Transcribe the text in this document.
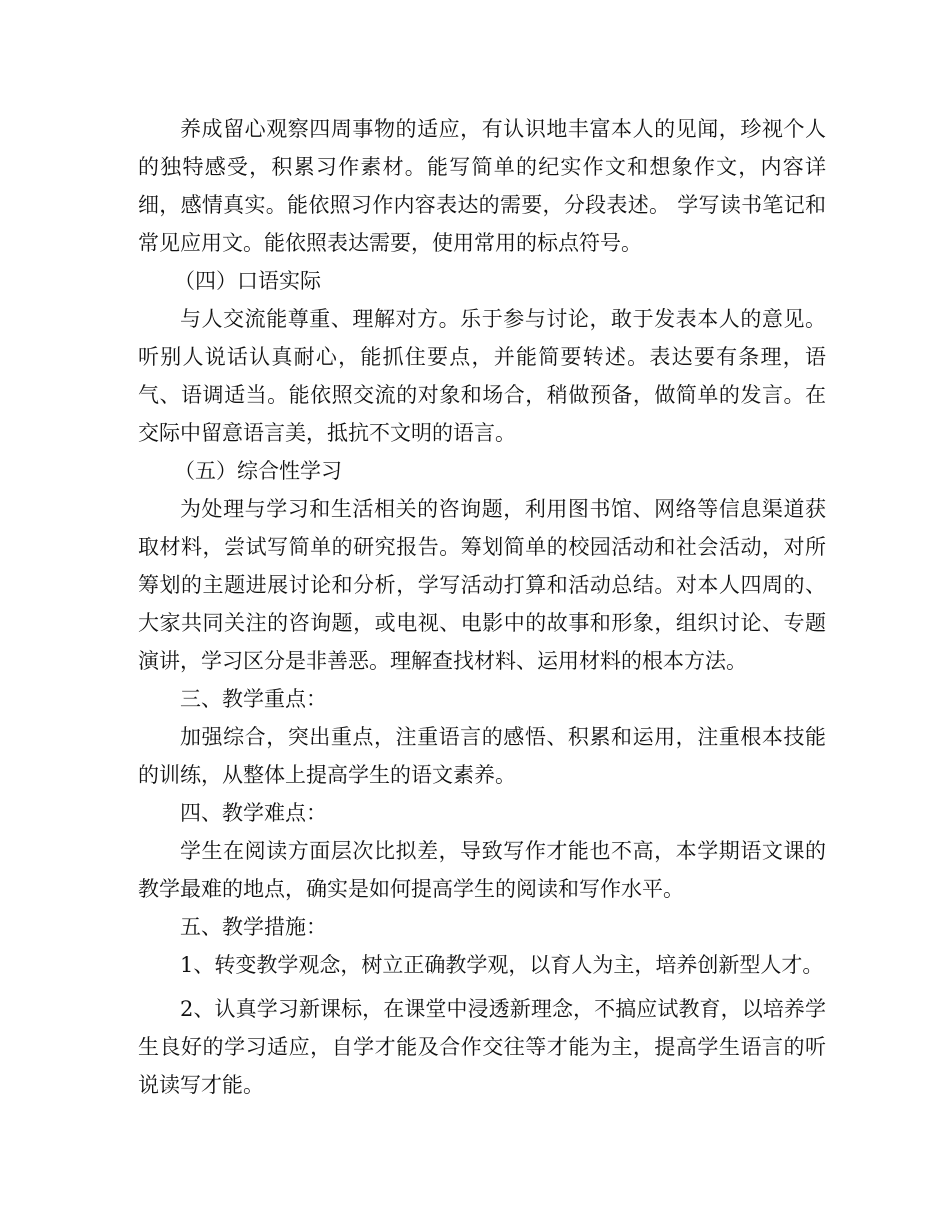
养成留心观察四周事物的适应，有认识地丰富本人的见闻，珍视个人的独特感受，积累习作素材。能写简单的纪实作文和想象作文，内容详细，感情真实。能依照习作内容表达的需要，分段表述。 学写读书笔记和常见应用文。能依照表达需要，使用常用的标点符号。

（四）口语实际

与人交流能尊重、理解对方。乐于参与讨论，敢于发表本人的意见。听别人说话认真耐心，能抓住要点，并能简要转述。表达要有条理，语气、语调适当。能依照交流的对象和场合，稍做预备，做简单的发言。在交际中留意语言美，抵抗不文明的语言。

（五）综合性学习

为处理与学习和生活相关的咨询题，利用图书馆、网络等信息渠道获取材料，尝试写简单的研究报告。筹划简单的校园活动和社会活动，对所筹划的主题进展讨论和分析，学写活动打算和活动总结。对本人四周的、大家共同关注的咨询题，或电视、电影中的故事和形象，组织讨论、专题演讲，学习区分是非善恶。理解查找材料、运用材料的根本方法。

三、教学重点：

加强综合，突出重点，注重语言的感悟、积累和运用，注重根本技能的训练，从整体上提高学生的语文素养。

四、教学难点：

学生在阅读方面层次比拟差，导致写作才能也不高，本学期语文课的教学最难的地点，确实是如何提高学生的阅读和写作水平。

五、教学措施：

1、转变教学观念，树立正确教学观，以育人为主，培养创新型人才。

2、认真学习新课标，在课堂中浸透新理念，不搞应试教育，以培养学生良好的学习适应，自学才能及合作交往等才能为主，提高学生语言的听说读写才能。
